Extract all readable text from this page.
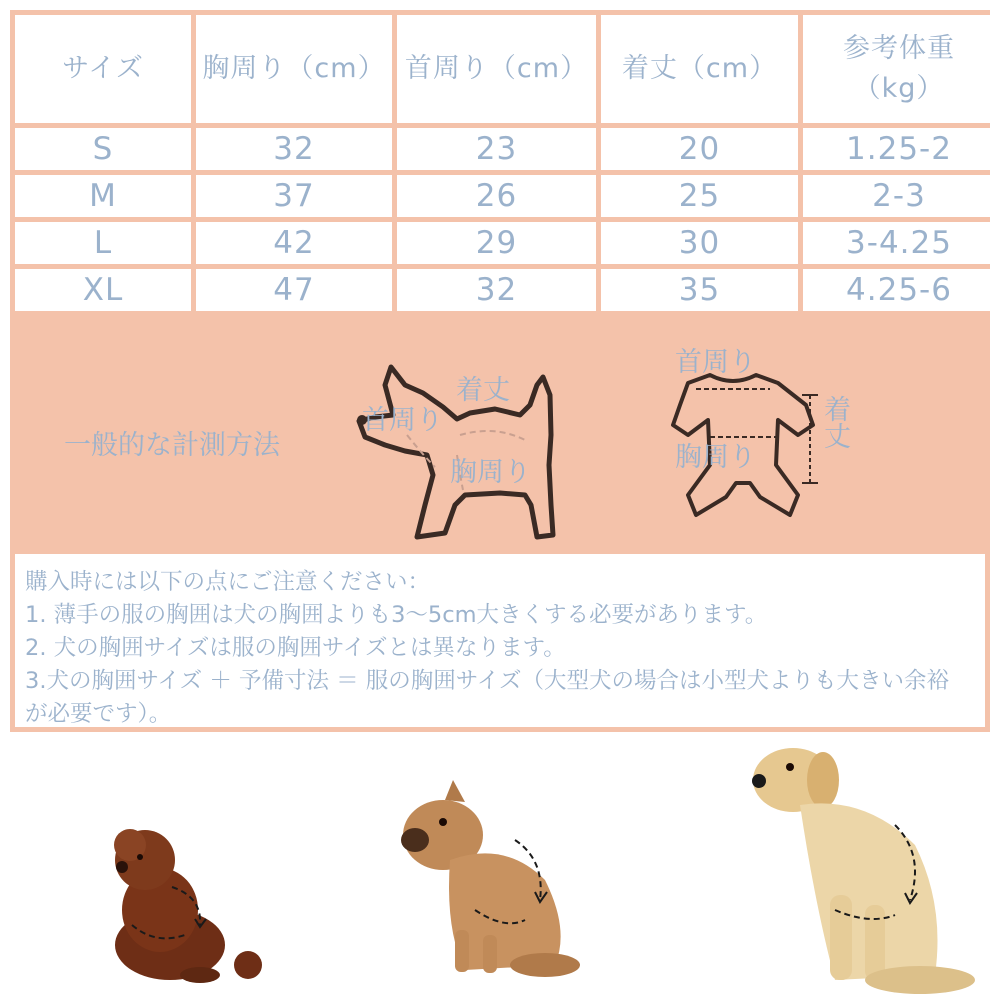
サイズ	胸周り（cm）	首周り（cm）	着丈（cm）	参考体重
（kg）

S	32	23	20	1.25-2
M	37	26	25	2-3
L	42	29	30	3-4.25
XL	47	32	35	4.25-6
一般的な計測方法
着丈
首周り
胸周り
首周り
胸周り
着丈
購入時には以下の点にご注意ください：
1. 薄手の服の胸囲は犬の胸囲よりも3～5cm大きくする必要があります。
2. 犬の胸囲サイズは服の胸囲サイズとは異なります。
3.犬の胸囲サイズ ＋ 予備寸法 ＝ 服の胸囲サイズ（大型犬の場合は小型犬よりも大きい余裕が必要です）。
